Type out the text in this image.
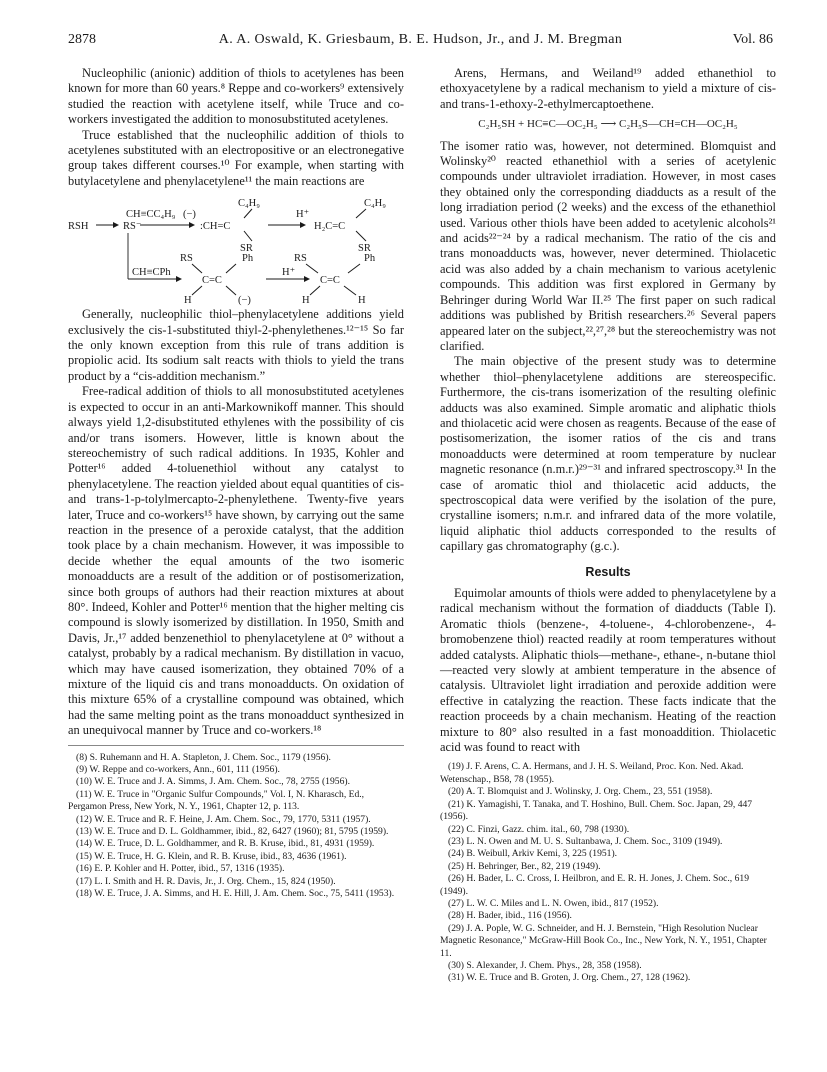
2878	A. A. Oswald, K. Griesbaum, B. E. Hudson, Jr., and J. M. Bregman	Vol. 86

Nucleophilic (anionic) addition of thiols to acetylenes has been known for more than 60 years.⁸ Reppe and co-workers⁹ extensively studied the reaction with acetylene itself, while Truce and co-workers investigated the addition to monosubstituted acetylenes.

Truce established that the nucleophilic addition of thiols to acetylenes substituted with an electropositive or an electronegative group takes different courses.¹⁰ For example, when starting with butylacetylene and phenylacetylene¹¹ the main reactions are

C₄H₉	C₄H₉
CH≡CC₄H₉ (−)	H⁺
RSH	RS⁻	:CH=C	H₂C=C
SR	SR
CH≡CPh
RS	Ph
C=C
H	(−)
H⁺
RS	Ph
C=C
H	H

Generally, nucleophilic thiol–phenylacetylene additions yield exclusively the cis-1-substituted thiyl-2-phenylethenes.¹²⁻¹⁵ So far the only known exception from this rule of trans addition is propiolic acid. Its sodium salt reacts with thiols to yield the trans product by a “cis-addition mechanism.”

Free-radical addition of thiols to all monosubstituted acetylenes is expected to occur in an anti-Markownikoff manner. This should always yield 1,2-disubstituted ethylenes with the possibility of cis and/or trans isomers. However, little is known about the stereochemistry of such radical additions. In 1935, Kohler and Potter¹⁶ added 4-toluenethiol without any catalyst to phenylacetylene. The reaction yielded about equal quantities of cis- and trans-1-p-tolylmercapto-2-phenylethene. Twenty-five years later, Truce and co-workers¹⁵ have shown, by carrying out the same reaction in the presence of a peroxide catalyst, that the addition took place by a chain mechanism. However, it was impossible to decide whether the equal amounts of the two isomeric monoadducts are a result of the addition or of postisomerization, since both groups of authors had their reaction mixtures at about 80°. Indeed, Kohler and Potter¹⁶ mention that the higher melting cis compound is slowly isomerized by distillation. In 1950, Smith and Davis, Jr.,¹⁷ added benzenethiol to phenylacetylene at 0° without a catalyst, probably by a radical mechanism. By distillation in vacuo, which may have caused isomerization, they obtained 70% of a mixture of the liquid cis and trans monoadducts. On oxidation of this mixture 65% of a crystalline compound was obtained, which had the same melting point as the trans monoadduct synthesized in an unequivocal manner by Truce and co-workers.¹⁸

(8) S. Ruhemann and H. A. Stapleton, J. Chem. Soc., 1179 (1956).
(9) W. Reppe and co-workers, Ann., 601, 111 (1956).
(10) W. E. Truce and J. A. Simms, J. Am. Chem. Soc., 78, 2755 (1956).
(11) W. E. Truce in "Organic Sulfur Compounds," Vol. I, N. Kharasch, Ed., Pergamon Press, New York, N. Y., 1961, Chapter 12, p. 113.
(12) W. E. Truce and R. F. Heine, J. Am. Chem. Soc., 79, 1770, 5311 (1957).
(13) W. E. Truce and D. L. Goldhammer, ibid., 82, 6427 (1960); 81, 5795 (1959).
(14) W. E. Truce, D. L. Goldhammer, and R. B. Kruse, ibid., 81, 4931 (1959).
(15) W. E. Truce, H. G. Klein, and R. B. Kruse, ibid., 83, 4636 (1961).
(16) E. P. Kohler and H. Potter, ibid., 57, 1316 (1935).
(17) L. I. Smith and H. R. Davis, Jr., J. Org. Chem., 15, 824 (1950).
(18) W. E. Truce, J. A. Simms, and H. E. Hill, J. Am. Chem. Soc., 75, 5411 (1953).

Arens, Hermans, and Weiland¹⁹ added ethanethiol to ethoxyacetylene by a radical mechanism to yield a mixture of cis- and trans-1-ethoxy-2-ethylmercaptoethene.

C₂H₅SH + HC≡C—OC₂H₅ ⟶ C₂H₅S—CH=CH—OC₂H₅

The isomer ratio was, however, not determined. Blomquist and Wolinsky²⁰ reacted ethanethiol with a series of acetylenic compounds under ultraviolet irradiation. However, in most cases they obtained only the corresponding diadducts as a result of the long irradiation period (2 weeks) and the excess of the ethanethiol used. Various other thiols have been added to acetylenic alcohols²¹ and acids²²⁻²⁴ by a radical mechanism. The ratio of the cis and trans monoadducts was, however, never determined. Thiolacetic acid was also added by a chain mechanism to various acetylenic compounds. This addition was first explored in Germany by Behringer during World War II.²⁵ The first paper on such radical additions was published by British researchers.²⁶ Several papers appeared later on the subject,²²,²⁷,²⁸ but the stereochemistry was not clarified.

The main objective of the present study was to determine whether thiol–phenylacetylene additions are stereospecific. Furthermore, the cis-trans isomerization of the resulting olefinic adducts was also examined. Simple aromatic and aliphatic thiols and thiolacetic acid were chosen as reagents. Because of the ease of postisomerization, the isomer ratios of the cis and trans monoadducts were determined at room temperature by nuclear magnetic resonance (n.m.r.)²⁹⁻³¹ and infrared spectroscopy.³¹ In the case of aromatic thiol and thiolacetic acid adducts, the spectroscopical data were verified by the isolation of the pure, crystalline isomers; n.m.r. and infrared data of the more volatile, liquid aliphatic thiol adducts corresponded to the results of capillary gas chromatography (g.c.).

Results

Equimolar amounts of thiols were added to phenylacetylene by a radical mechanism without the formation of diadducts (Table I). Aromatic thiols (benzene-, 4-toluene-, 4-chlorobenzene-, 4-bromobenzene thiol) reacted readily at room temperatures without added catalysts. Aliphatic thiols—methane-, ethane-, n-butane thiol—reacted very slowly at ambient temperature in the absence of catalysis. Ultraviolet light irradiation and peroxide addition were effective in catalyzing the reaction. These facts indicate that the reaction proceeds by a chain mechanism. Heating of the reaction mixture to 80° also resulted in a fast monoaddition. Thiolacetic acid was found to react with

(19) J. F. Arens, C. A. Hermans, and J. H. S. Weiland, Proc. Kon. Ned. Akad. Wetenschap., B58, 78 (1955).
(20) A. T. Blomquist and J. Wolinsky, J. Org. Chem., 23, 551 (1958).
(21) K. Yamagishi, T. Tanaka, and T. Hoshino, Bull. Chem. Soc. Japan, 29, 447 (1956).
(22) C. Finzi, Gazz. chim. ital., 60, 798 (1930).
(23) L. N. Owen and M. U. S. Sultanbawa, J. Chem. Soc., 3109 (1949).
(24) B. Weibull, Arkiv Kemi, 3, 225 (1951).
(25) H. Behringer, Ber., 82, 219 (1949).
(26) H. Bader, L. C. Cross, I. Heilbron, and E. R. H. Jones, J. Chem. Soc., 619 (1949).
(27) L. W. C. Miles and L. N. Owen, ibid., 817 (1952).
(28) H. Bader, ibid., 116 (1956).
(29) J. A. Pople, W. G. Schneider, and H. J. Bernstein, "High Resolution Nuclear Magnetic Resonance," McGraw-Hill Book Co., Inc., New York, N. Y., 1951, Chapter 11.
(30) S. Alexander, J. Chem. Phys., 28, 358 (1958).
(31) W. E. Truce and B. Groten, J. Org. Chem., 27, 128 (1962).
